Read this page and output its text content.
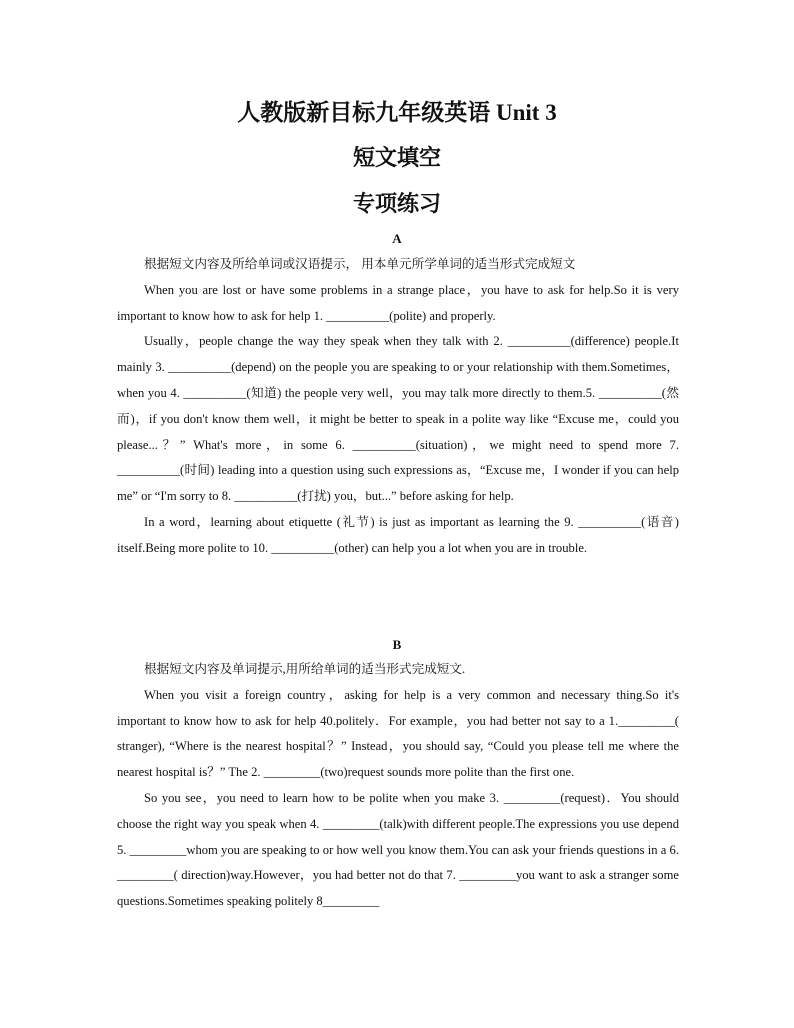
人教版新目标九年级英语 Unit 3
短文填空
专项练习
A

根据短文内容及所给单词或汉语提示， 用本单元所学单词的适当形式完成短文

When you are lost or have some problems in a strange place，you have to ask for help.So it is very important to know how to ask for help 1. __________(polite) and properly.

Usually，people change the way they speak when they talk with 2. __________(difference) people.It mainly 3. __________(depend) on the people you are speaking to or your relationship with them.Sometimes，when you 4. __________(知道) the people very well，you may talk more directly to them.5. __________(然而)，if you don't know them well，it might be better to speak in a polite way like “Excuse me，could you please...？” What's more，in some 6. __________(situation)，we might need to spend more 7. __________(时间) leading into a question using such expressions as，“Excuse me，I wonder if you can help me” or “I'm sorry to 8. __________(打扰) you，but...” before asking for help.

In a word，learning about etiquette (礼节) is just as important as learning the 9. __________(语音) itself.Being more polite to 10. __________(other) can help you a lot when you are in trouble.

B

根据短文内容及单词提示,用所给单词的适当形式完成短文.

When you visit a foreign country，asking for help is a very common and necessary thing.So it's important to know how to ask for help 40.politely．For example，you had better not say to a 1._________( stranger), “Where is the nearest hospital？” Instead，you should say, “Could you please tell me where the nearest hospital is？” The 2. _________(two)request sounds more polite than the first one.

So you see，you need to learn how to be polite when you make 3. _________(request)．You should choose the right way you speak when 4. _________(talk)with different people.The expressions you use depend 5. _________whom you are speaking to or how well you know them.You can ask your friends questions in a 6. _________( direction)way.However，you had better not do that 7. _________you want to ask a stranger some questions.Sometimes speaking politely 8_________
